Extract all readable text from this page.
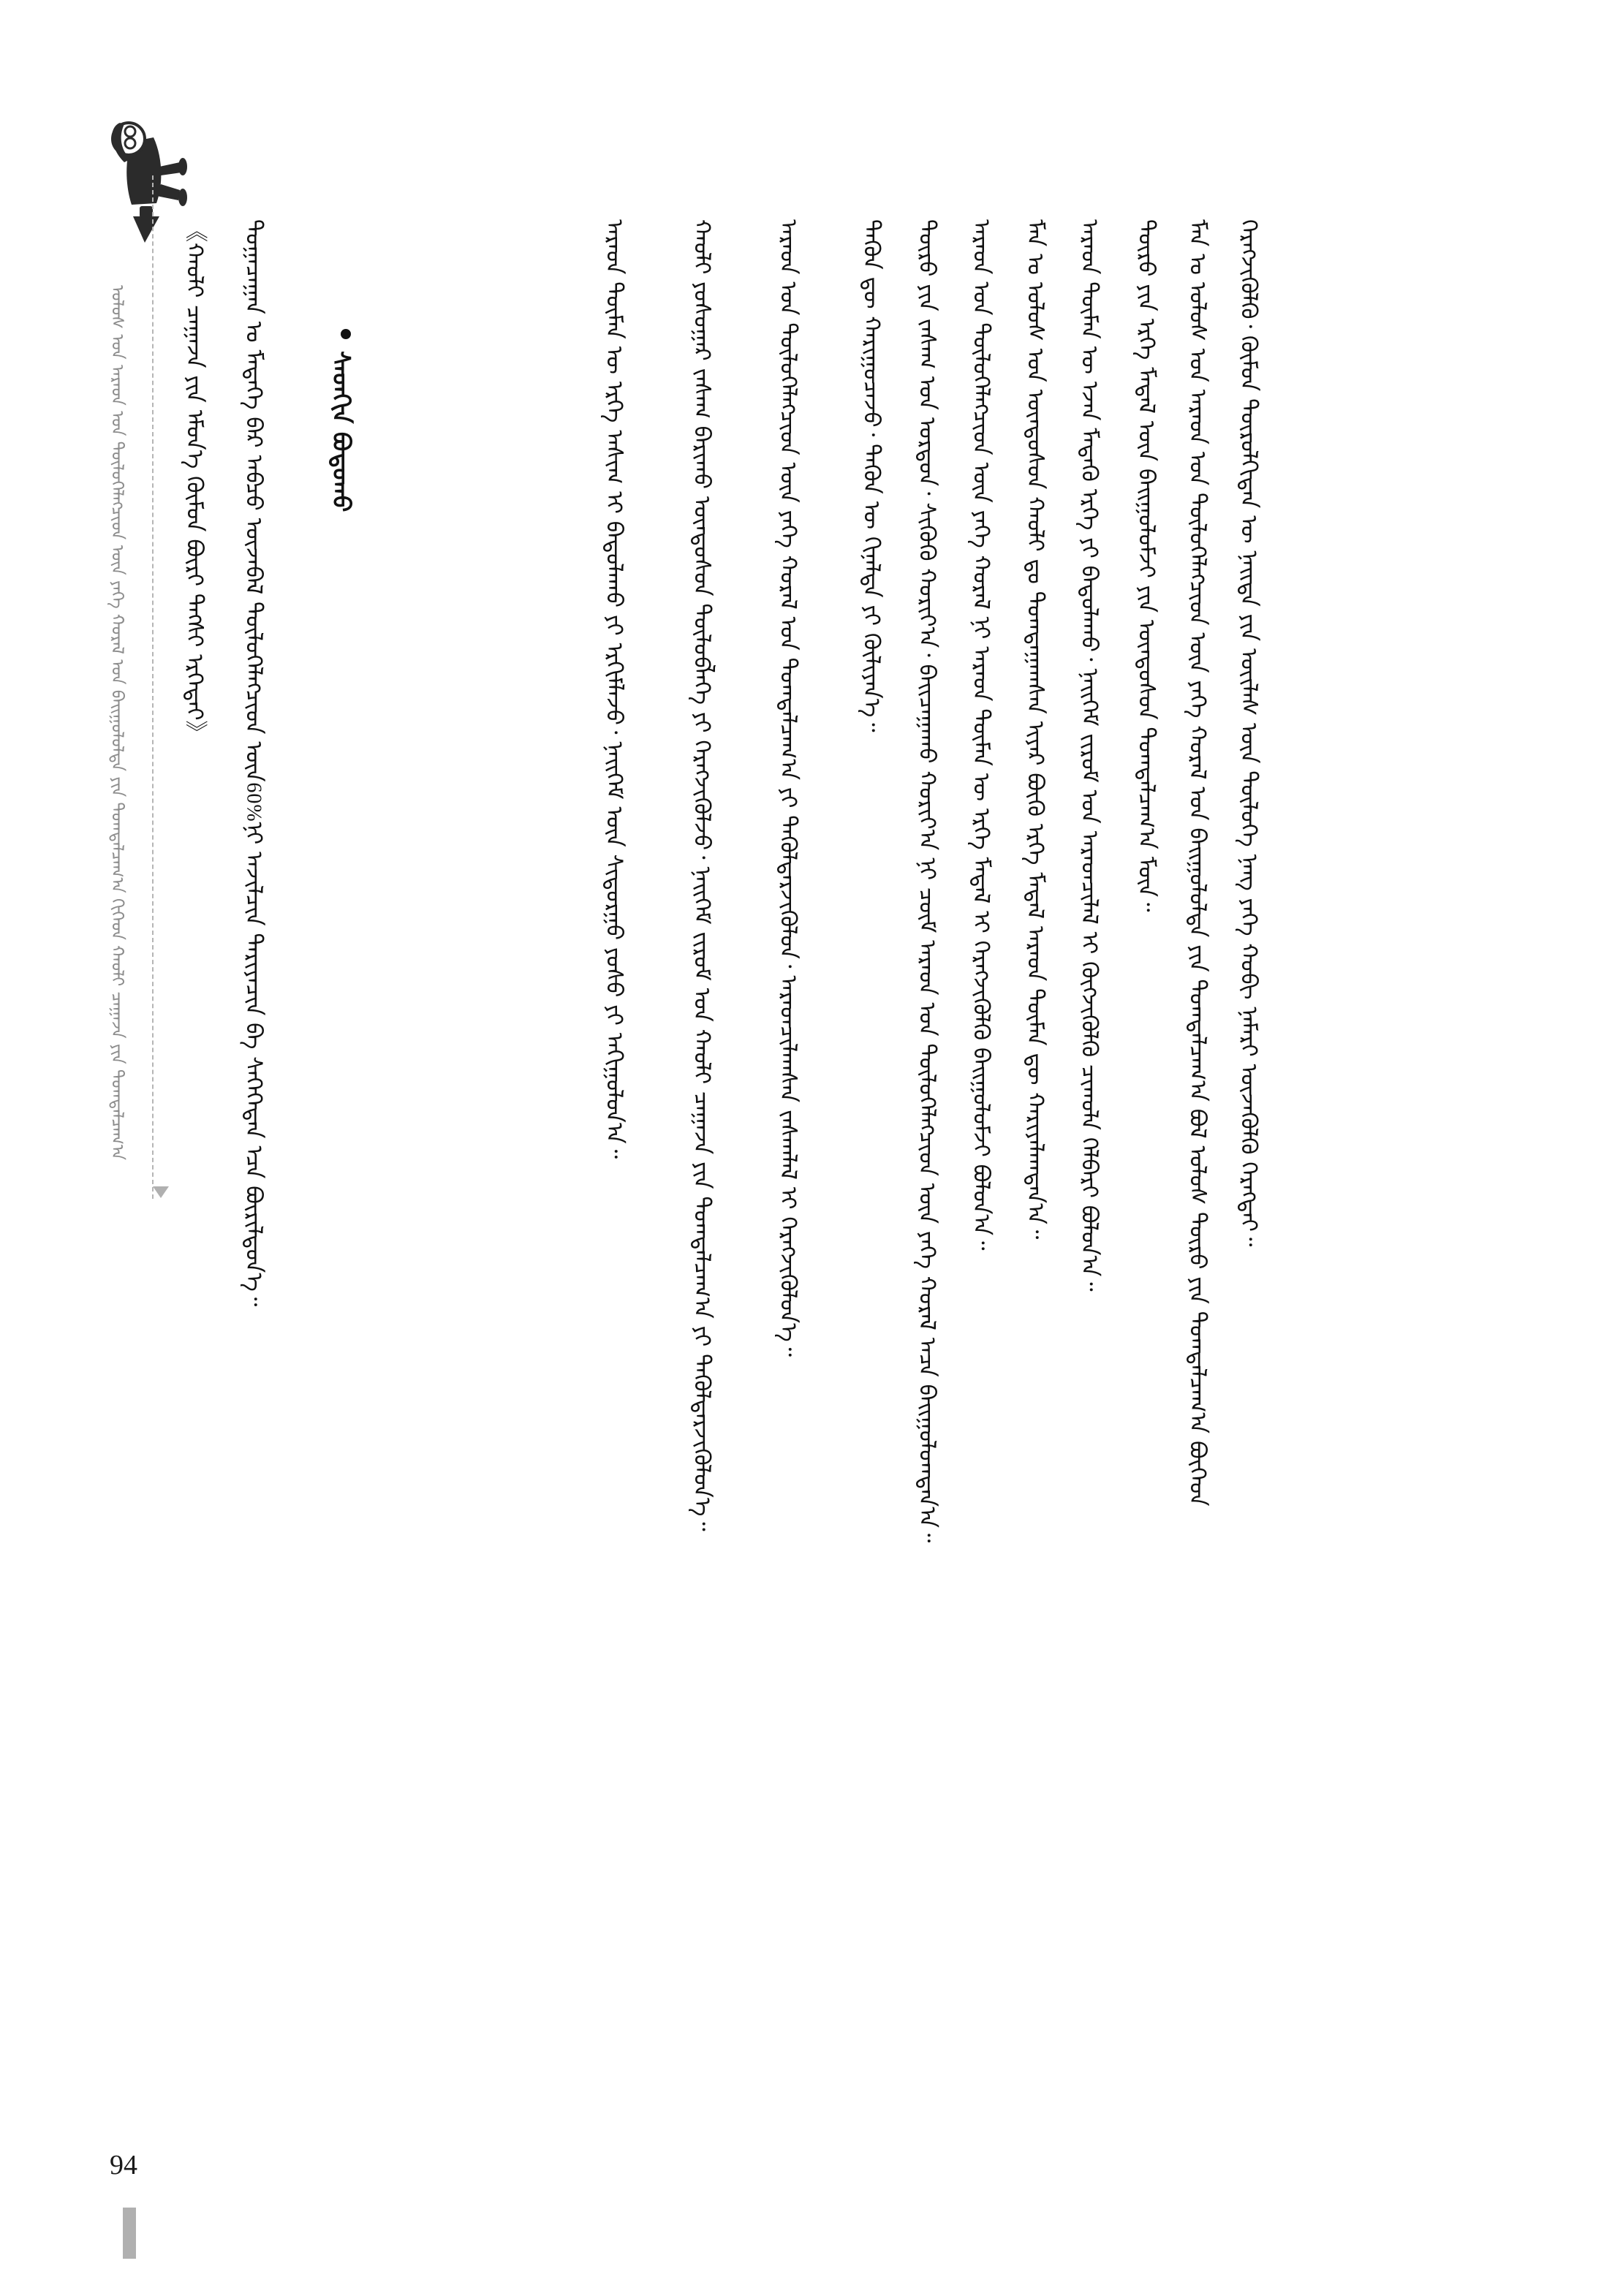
ᠤᠯᠤᠰ ᠤᠨ ᠠᠷᠠᠳ ᠤᠨ ᠲᠥᠯᠥᠭᠡᠯᠡᠭᠴᠢᠳ ᠦᠨ ᠶᠡᠬᠡ ᠬᠤᠷᠠᠯ ᠤᠨ ᠪᠠᠢᠭᠤᠯᠤᠯᠲᠠ ᠶᠢᠨ ᠲᠣᠭᠲᠠᠯᠴᠠᠭ᠎ᠠ ᠬᠢᠭᠡᠳ ᠬᠠᠤᠯᠢ ᠴᠠᠭᠠᠵᠠ ᠶᠢᠨ ᠲᠣᠭᠲᠠᠯᠴᠠᠭ᠎ᠠ	ᠬᠡᠷᠡᠭᠵᠢᠭᠦᠯᠬᠦ᠂ ᠬᠥᠮᠦᠨ ᠲᠥᠷᠥᠯᠬᠢᠲᠡᠨ ᠦ ᠨᠡᠢᠲᠡ ᠶᠢᠨ ᠦᠢᠯᠡᠰ ᠦᠨ ᠲᠥᠯᠥᠭᠡ ᠨᠡᠩ ᠶᠡᠬᠡ ᠬᠤᠪᠢ ᠨᠡᠮᠡᠷᠢ ᠦᠵᠡᠭᠦᠯᠬᠦ ᠬᠡᠷᠡᠭᠲᠡᠢ᠃
ᠮᠠᠨ ᠤ ᠤᠯᠤᠰ ᠤᠨ ᠠᠷᠠᠳ ᠤᠨ ᠲᠥᠯᠥᠭᠡᠯᠡᠭᠴᠢᠳ ᠦᠨ ᠶᠡᠬᠡ ᠬᠤᠷᠠᠯ ᠤᠨ ᠪᠠᠢᠭᠤᠯᠤᠯᠲᠠ ᠶᠢᠨ ᠲᠣᠭᠲᠠᠯᠴᠠᠭ᠎ᠠ ᠪᠣᠯ ᠤᠯᠤᠰ ᠲᠥᠷᠥ ᠶᠢᠨ ᠲᠣᠭᠲᠠᠯᠴᠠᠭ᠎ᠠ ᠪᠥᠭᠡᠳ
ᠲᠥᠷᠥ ᠶᠢᠨ ᠡᠷᠬᠡ ᠮᠡᠳᠡᠯ ᠦᠨ ᠪᠠᠢᠭᠤᠯᠤᠮᠵᠢ ᠶᠢᠨ ᠦᠨᠳᠦᠰᠦᠨ ᠲᠣᠭᠲᠠᠯᠴᠠᠭ᠎ᠠ ᠮᠥᠨ᠃
ᠠᠷᠠᠳ ᠲᠦᠮᠡᠨ ᠦ ᠡᠵᠡᠨ ᠮᠡᠳᠡᠬᠦ ᠡᠷᠬᠡ ᠶᠢ ᠪᠠᠲᠤᠯᠠᠬᠤ᠂ ᠨᠡᠢᠭᠡᠮ ᠵᠢᠷᠤᠮ ᠤᠨ ᠠᠷᠠᠳᠴᠢᠯᠠᠯ ᠢ ᠬᠥᠭᠵᠢᠭᠦᠯᠬᠦ ᠴᠢᠬᠤᠯᠠ ᠬᠡᠯᠪᠡᠷᠢ ᠪᠣᠯᠤᠨ᠎ᠠ᠃
ᠮᠠᠨ ᠤ ᠤᠯᠤᠰ ᠤᠨ ᠦᠨᠳᠦᠰᠦᠨ ᠬᠠᠤᠯᠢ ᠳᠤ ᠲᠣᠭᠲᠠᠭᠠᠭᠰᠠᠨ ᠢᠶᠠᠷ ᠪᠦᠬᠦ ᠡᠷᠬᠡ ᠮᠡᠳᠡᠯ ᠠᠷᠠᠳ ᠲᠦᠮᠡᠨ ᠳᠦ ᠬᠠᠷᠢᠶᠠᠯᠠᠭᠳᠠᠨ᠎ᠠ᠃
ᠠᠷᠠᠳ ᠤᠨ ᠲᠥᠯᠥᠭᠡᠯᠡᠭᠴᠢᠳ ᠦᠨ ᠶᠡᠬᠡ ᠬᠤᠷᠠᠯ ᠨᠢ ᠠᠷᠠᠳ ᠲᠦᠮᠡᠨ ᠦ ᠡᠷᠬᠡ ᠮᠡᠳᠡᠯ ᠢ ᠬᠡᠷᠡᠭᠵᠢᠭᠦᠯᠬᠦ ᠪᠠᠢᠭᠤᠯᠤᠮᠵᠢ ᠪᠣᠯᠤᠨ᠎ᠠ᠃
ᠲᠥᠷᠥ ᠶᠢᠨ ᠵᠠᠰᠠᠭ ᠤᠨ ᠣᠷᠳᠣᠨ᠂ ᠰᠢᠭᠦᠬᠦ ᠬᠣᠷᠢᠶ᠎ᠠ᠂ ᠪᠠᠢᠴᠠᠭᠠᠬᠤ ᠬᠣᠷᠢᠶ᠎ᠠ ᠨᠢ ᠴᠥᠮ ᠠᠷᠠᠳ ᠤᠨ ᠲᠥᠯᠥᠭᠡᠯᠡᠭᠴᠢᠳ ᠦᠨ ᠶᠡᠬᠡ ᠬᠤᠷᠠᠯ ᠠᠴᠠ ᠪᠠᠢᠭᠤᠯᠤᠭᠳᠠᠨ᠎ᠠ᠃
ᠲᠡᠭᠦᠨ ᠳᠦ ᠬᠠᠷᠢᠭᠤᠴᠠᠵᠤ᠂ ᠲᠡᠭᠦᠨ ᠦ ᠬᠢᠨᠠᠯᠲᠠ ᠶᠢ ᠬᠦᠯᠢᠶᠡᠨ᠎ᠡ᠃
ᠠᠷᠠᠳ ᠤᠨ ᠲᠥᠯᠥᠭᠡᠯᠡᠭᠴᠢᠳ ᠦᠨ ᠶᠡᠬᠡ ᠬᠤᠷᠠᠯ ᠤᠨ ᠲᠣᠭᠲᠠᠯᠴᠠᠭ᠎ᠠ ᠶᠢ ᠲᠡᠭᠦᠯᠳᠡᠷᠵᠢᠭᠦᠯᠦᠨ᠂ ᠠᠷᠠᠳᠴᠢᠯᠠᠭᠰᠠᠨ ᠵᠠᠰᠠᠭᠯᠠᠯ ᠢ ᠬᠡᠷᠡᠭᠵᠢᠭᠦᠯᠦᠨ᠎ᠡ᠃
ᠬᠠᠤᠯᠢ ᠶᠣᠰᠣᠭᠠᠷ ᠵᠠᠰᠠᠭ ᠪᠠᠷᠢᠬᠤ ᠦᠨᠳᠦᠰᠦᠨ ᠲᠥᠯᠦᠪᠯᠡᠭᠡ ᠶᠢ ᠬᠡᠷᠡᠭᠵᠢᠭᠦᠯᠵᠦ᠂ ᠨᠡᠢᠭᠡᠮ ᠵᠢᠷᠤᠮ ᠤᠨ ᠬᠠᠤᠯᠢ ᠴᠠᠭᠠᠵᠠ ᠶᠢᠨ ᠲᠣᠭᠲᠠᠯᠴᠠᠭ᠎ᠠ ᠶᠢ ᠲᠡᠭᠦᠯᠳᠡᠷᠵᠢᠭᠦᠯᠦᠨ᠎ᠡ᠃
ᠠᠷᠠᠳ ᠲᠦᠮᠡᠨ ᠦ ᠡᠷᠬᠡ ᠠᠰᠢᠭ ᠢ ᠪᠠᠲᠤᠯᠠᠬᠤ ᠶᠢ ᠡᠷᠬᠢᠮᠯᠡᠵᠦ᠂ ᠨᠡᠢᠭᠡᠮ ᠦᠨ ᠰᠢᠳᠤᠷᠭᠤ ᠶᠣᠰᠣ ᠶᠢ ᠠᠬᠢᠭᠤᠯᠤᠨ᠎ᠠ᠃
ᠰᠡᠳᠬᠢᠨ ᠪᠣᠳᠣᠬᠤ
ᠲᠣᠭᠠᠴᠠᠭᠠᠨ ᠤ ᠮᠡᠳᠡᠭᠡ ᠪᠡᠷ ᠠᠪᠴᠤ ᠦᠵᠡᠪᠡᠯ ᠲᠥᠯᠥᠭᠡᠯᠡᠭᠴᠢᠳ ᠦᠨ 60% ᠨᠢ ᠠᠵᠢᠯᠴᠢᠨ ᠲᠠᠷᠢᠶᠠᠴᠢᠨ ᠪᠠ ᠰᠡᠬᠡᠭᠡᠲᠡᠨ ᠡᠴᠡ ᠪᠦᠷᠢᠯᠳᠦᠨ᠎ᠡ᠃
《ᠬᠠᠤᠯᠢ ᠴᠠᠭᠠᠵᠠ ᠶᠢᠨ ᠡᠮᠦᠨ᠎ᠡ ᠬᠦᠮᠦᠨ ᠪᠦᠷᠢ ᠲᠡᠭᠰᠢ ᠡᠷᠬᠡᠲᠡᠢ》
94
